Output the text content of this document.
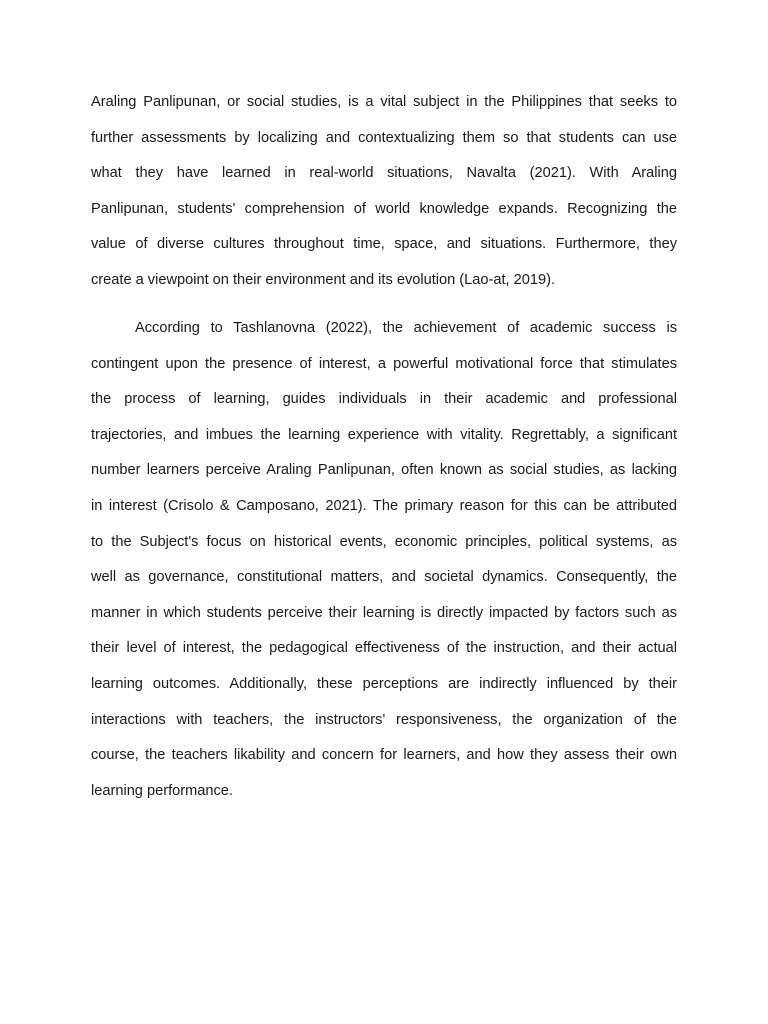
Araling Panlipunan, or social studies, is a vital subject in the Philippines that seeks to
further assessments by localizing and contextualizing them so that students can use
what they have learned in real-world situations, Navalta (2021). With Araling
Panlipunan, students' comprehension of world knowledge expands. Recognizing the
value of diverse cultures throughout time, space, and situations. Furthermore, they
create a viewpoint on their environment and its evolution (Lao-at, 2019).
According to Tashlanovna (2022), the achievement of academic success is
contingent upon the presence of interest, a powerful motivational force that stimulates
the process of learning, guides individuals in their academic and professional
trajectories, and imbues the learning experience with vitality. Regrettably, a significant
number learners perceive Araling Panlipunan, often known as social studies, as lacking
in interest (Crisolo & Camposano, 2021). The primary reason for this can be attributed
to the Subject's focus on historical events, economic principles, political systems, as
well as governance, constitutional matters, and societal dynamics. Consequently, the
manner in which students perceive their learning is directly impacted by factors such as
their level of interest, the pedagogical effectiveness of the instruction, and their actual
learning outcomes. Additionally, these perceptions are indirectly influenced by their
interactions with teachers, the instructors' responsiveness, the organization of the
course, the teachers likability and concern for learners, and how they assess their own
learning performance.
